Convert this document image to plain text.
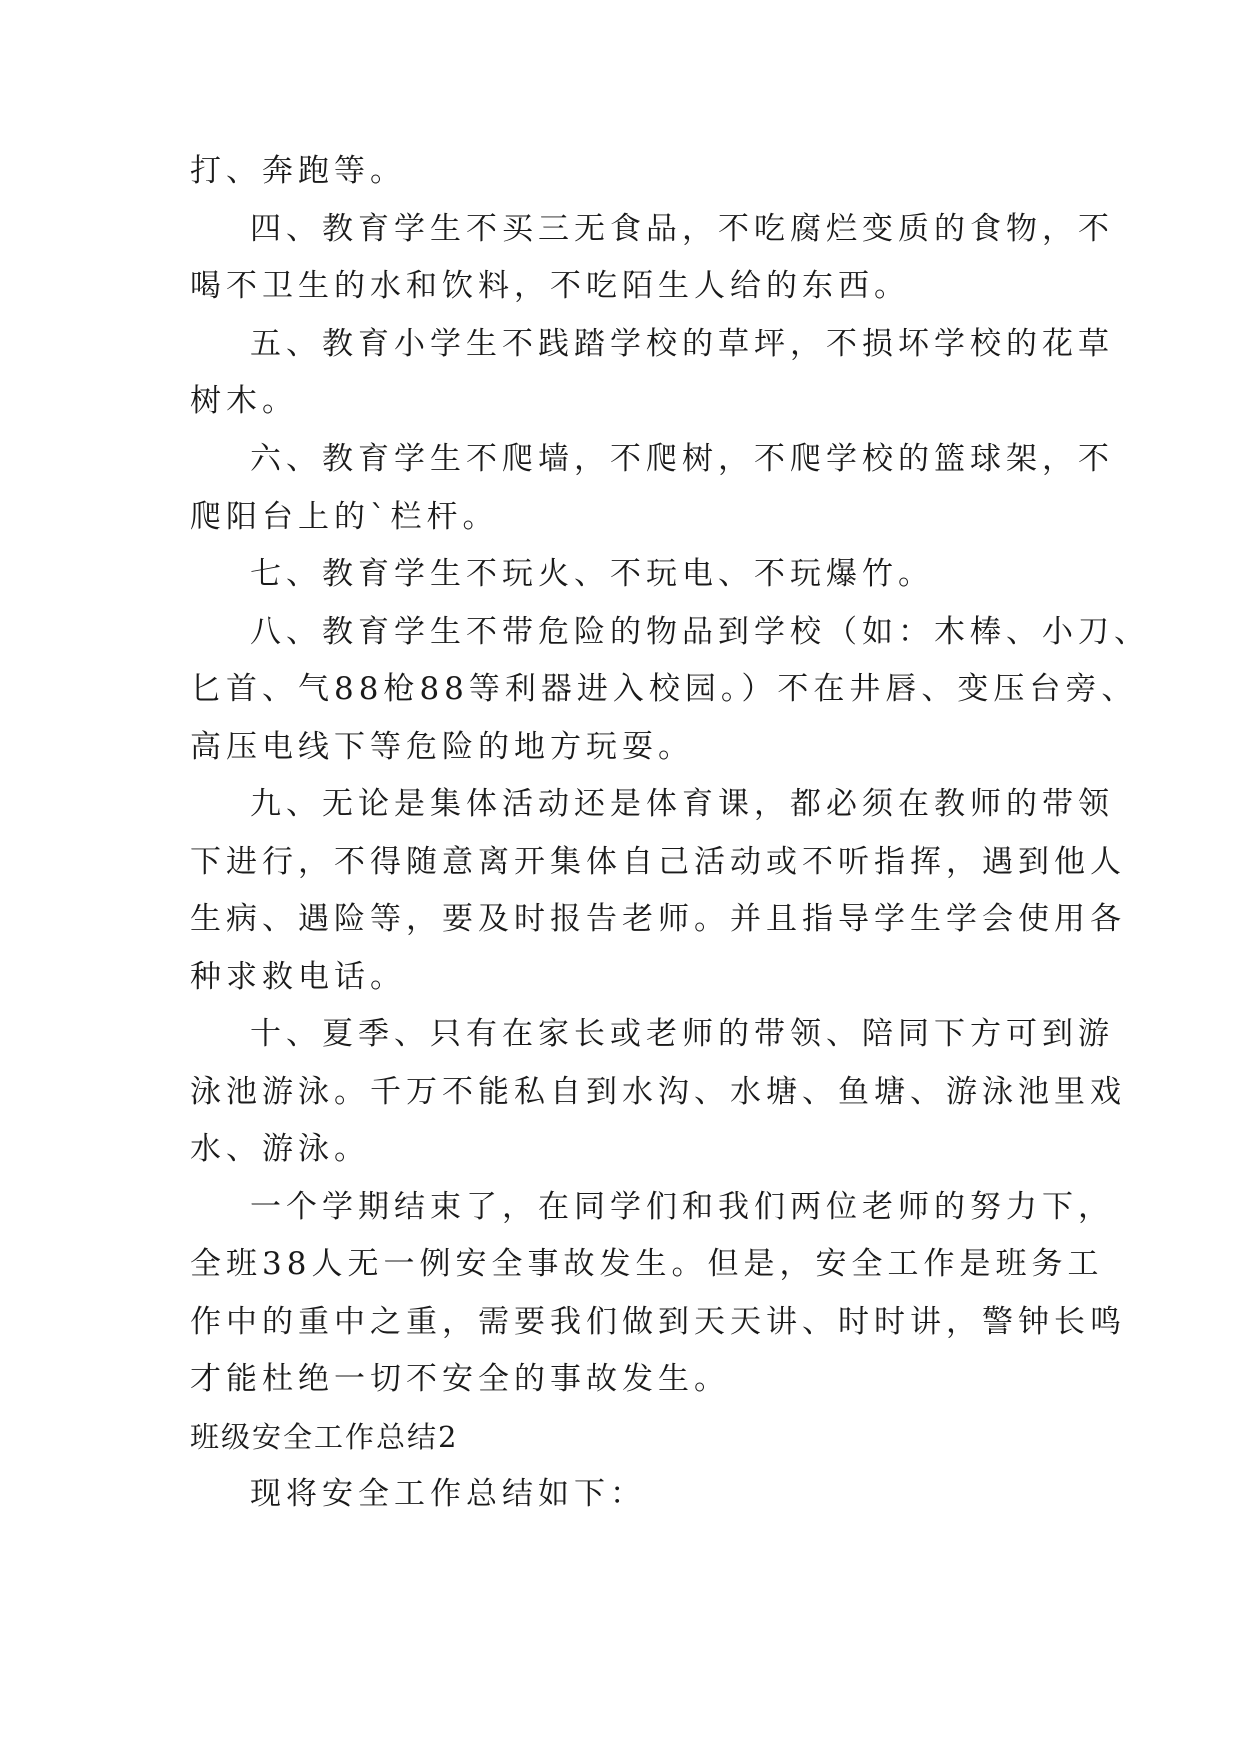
打、奔跑等。

四、教育学生不买三无食品，不吃腐烂变质的食物，不

喝不卫生的水和饮料，不吃陌生人给的东西。

五、教育小学生不践踏学校的草坪，不损坏学校的花草

树木。

六、教育学生不爬墙，不爬树，不爬学校的篮球架，不

爬阳台上的`栏杆。

七、教育学生不玩火、不玩电、不玩爆竹。

八、教育学生不带危险的物品到学校（如：木棒、小刀、

匕首、气88枪88等利器进入校园。）不在井唇、变压台旁、

高压电线下等危险的地方玩耍。

九、无论是集体活动还是体育课，都必须在教师的带领

下进行，不得随意离开集体自己活动或不听指挥，遇到他人

生病、遇险等，要及时报告老师。并且指导学生学会使用各

种求救电话。

十、夏季、只有在家长或老师的带领、陪同下方可到游

泳池游泳。千万不能私自到水沟、水塘、鱼塘、游泳池里戏

水、游泳。

一个学期结束了，在同学们和我们两位老师的努力下，

全班38人无一例安全事故发生。但是，安全工作是班务工

作中的重中之重，需要我们做到天天讲、时时讲，警钟长鸣

才能杜绝一切不安全的事故发生。

班级安全工作总结2

现将安全工作总结如下：
